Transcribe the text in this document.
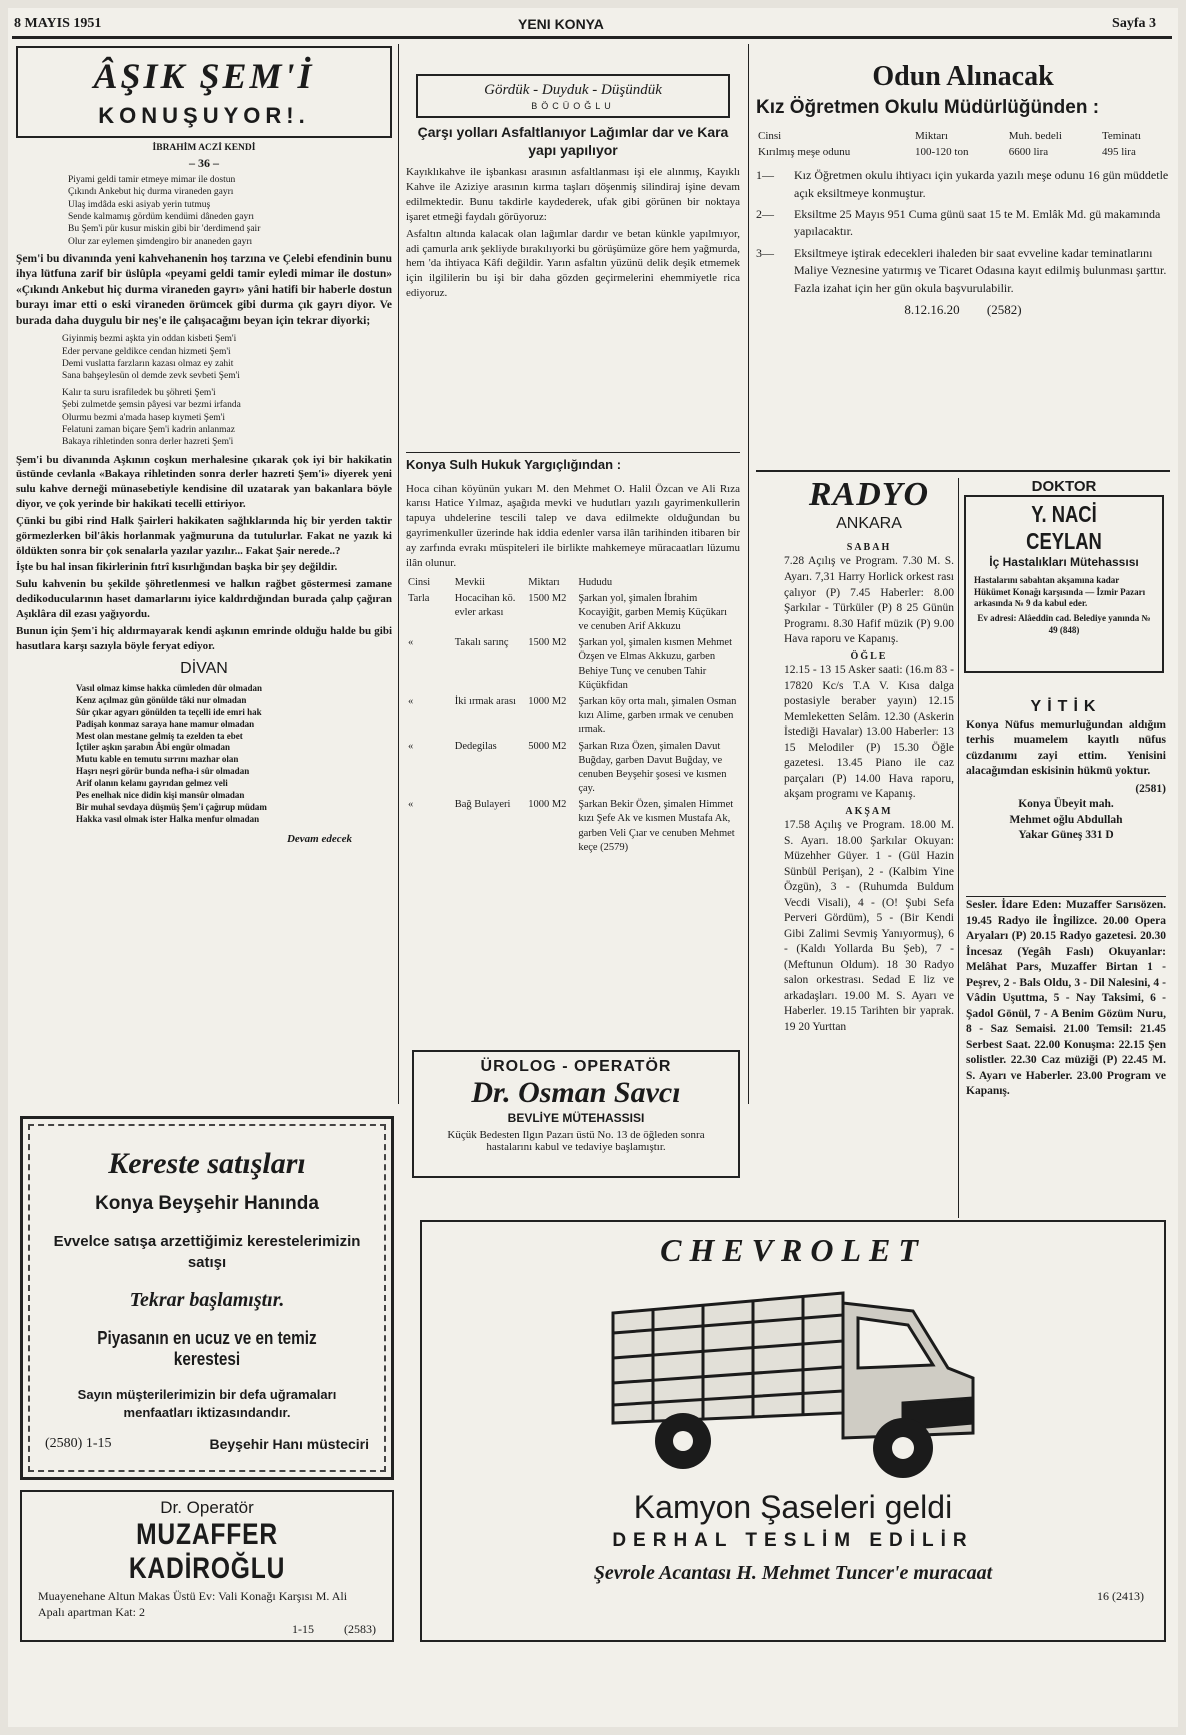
8 MAYIS 1951	YENI KONYA	Sayfa 3
ÂŞIK ŞEM'İ
KONUŞUYOR!.
İBRAHİM ACZİ KENDİ
– 36 –
Piyami geldi tamir etmeye mimar ile dostun
Çıkındı Ankebut hiç durma viraneden gayrı
Ulaş imdâda eski asiyab yerin tutmuş
Sende kalmamış gördüm kendümi dâneden gayrı
Bu Şem'i pür kusur miskin gibi bir 'derdimend şair
Olur zar eylemen şimdengiro bir ananeden gayrı

Şem'i bu divanında yeni kahvehanenin hoş tarzına ve Çelebi efendinin bunu ihya lütfuna zarif bir üslûpla «peyami geldi tamir eyledi mimar ile dostun» «Çıkındı Ankebut hiç durma viraneden gayrı» yâni hatifi bir haberle dostun burayı imar etti o eski viraneden örümcek gibi durma çık gayrı diyor. Ve burada daha duygulu bir neş'e ile çalışacağını beyan için tekrar diyorki;

Giyinmiş bezmi aşkta yin oddan kisbeti Şem'i
Eder pervane geldikce cendan hizmeti Şem'i
Demi vuslatta farzların kazası olmaz ey zahit
Sana bahşeylesün ol demde zevk sevbeti Şem'i
Kalır ta suru israfiledek bu şöhreti Şem'i
Şebi zulmetde şemsin pâyesi var bezmi irfanda
Olurmu bezmi a'mada hasep kıymeti Şem'i
Felatuni zaman biçare Şem'i kadrin anlanmaz
Bakaya rihletinden sonra derler hazreti Şem'i

Şem'i bu divanında Aşkının coşkun merhalesine çıkarak çok iyi bir hakikatin üstünde cevlanla «Bakaya rihletinden sonra derler hazreti Şem'i» diyerek yeni sulu kahve derneği münasebetiyle kendisine dil uzatarak yan bakanlara böyle diyor, ve çok yerinde bir hakikati tecelli ettiriyor.

Çünki bu gibi rind Halk Şairleri hakikaten sağlıklarında hiç bir yerden taktir görmezlerken bil'âkis horlanmak yağmuruna da tutulurlar. Fakat ne yazık ki öldükten sonra bir çok senalarla yazılar yazılır... Fakat Şair nerede..?

İşte bu hal insan fikirlerinin fıtrî kısırlığından başka bir şey değildir.

Sulu kahvenin bu şekilde şöhretlenmesi ve halkın rağbet göstermesi zamane dedikoducularının haset damarlarını iyice kaldırdığından burada çalıp çağıran Aşıklâra dil ezası yağıyordu.

Bunun için Şem'i hiç aldırmayarak kendi aşkının emrinde olduğu halde bu gibi hasutlara karşı sazıyla böyle feryat ediyor.

DİVAN
Vasıl olmaz kimse hakka cümleden dûr olmadan
Kenz açılmaz gûn gönülde tâki nur olmadan
Sûr çıkar agyarı gönülden ta teçelli ide emri hak
Padişah konmaz saraya hane mamur olmadan
Mest olan mestane gelmiş ta ezelden ta ebet
İçtiler aşkın şarabın Âbi engür olmadan
Mutu kable en temutu sırrını mazhar olan
Haşrı neşri görür bunda nefha-i sûr olmadan
Arif olanın kelamı gayrıdan gelmez veli
Pes enelhak nice didin kişi mansûr olmadan
Bir muhal sevdaya düşmüş Şem'i çağırup müdam
Hakka vasıl olmak ister Halka menfur olmadan
Devam edecek
Kereste satışları
Konya Beyşehir Hanında
Evvelce satışa arzettiğimiz kerestelerimizin satışı
Tekrar başlamıştır.
Piyasanın en ucuz ve en temiz kerestesi
Sayın müşterilerimizin bir defa uğramaları menfaatları iktizasındandır.
(2580) 1-15	Beyşehir Hanı müsteciri
Dr. Operatör
MUZAFFER KADİROĞLU
Muayenehane Altun Makas Üstü Ev: Vali Konağı Karşısı M. Ali Apalı apartman Kat: 2
1-15	(2583)
Gördük - Duyduk - Düşündük
BÖCÜOĞLU
Çarşı yolları Asfaltlanıyor Lağımlar dar ve Kara yapı yapılıyor

Kayıklıkahve ile işbankası arasının asfaltlanması işi ele alınmış, Kayıklı Kahve ile Aziziye arasının kırma taşları döşenmiş silindiraj işine devam edilmektedir. Bunu takdirle kaydederek, ufak gibi görünen bir noktaya işaret etmeği faydalı görüyoruz:

Asfaltın altında kalacak olan lağımlar dardır ve betan künkle yapılmıyor, adi çamurla arık şekliyde bırakılıyorki bu görüşümüze göre hem yağmurda, hem 'da ihtiyaca Kâfi değildir. Yarın asfaltın yüzünü delik deşik etmemek için ilgililerin bu işi bir daha gözden geçirmelerini ehemmiyetle rica ediyoruz.

Konya Sulh Hukuk Yargıçlığından :

Hoca cihan köyünün yukarı M. den Mehmet O. Halil Özcan ve Ali Rıza karısı Hatice Yılmaz, aşağıda mevki ve hudutları yazılı gayrimenkullerin tapuya uhdelerine tescili talep ve dava edilmekte olduğundan bu gayrimenkuller üzerinde hak iddia edenler varsa ilân tarihinden itibaren bir ay zarfında evrakı müspiteleri ile birlikte mahkemeye müracaatları lüzumu ilân olunur.

Cinsi	Mevkii	Miktarı	Hududu
Tarla	Hocacihan kö. evler arkası	1500 M2	Şarkan yol, şimalen İbrahim Kocayiğit, garben Memiş Küçükarı ve cenuben Arif Akkuzu
«	Takalı sarınç	1500 M2	Şarkan yol, şimalen kısmen Mehmet Özşen ve Elmas Akkuzu, garben Behiye Tunç ve cenuben Tahir Küçükfidan
«	İki ırmak arası	1000 M2	Şarkan köy orta malı, şimalen Osman kızı Alime, garben ırmak ve cenuben ırmak.
«	Dedegilas	5000 M2	Şarkan Rıza Özen, şimalen Davut Buğday, garben Davut Buğday, ve cenuben Beyşehir şosesi ve kısmen çay.
«	Bağ Bulayeri	1000 M2	Şarkan Bekir Özen, şimalen Himmet kızı Şefe Ak ve kısmen Mustafa Ak, garben Veli Çıar ve cenuben Mehmet keçe (2579)
ÜROLOG - OPERATÖR
Dr. Osman Savcı
BEVLİYE MÜTEHASSISI
Küçük Bedesten Ilgın Pazarı üstü No. 13 de öğleden sonra hastalarını kabul ve tedaviye başlamıştır.
Odun Alınacak
Kız Öğretmen Okulu Müdürlüğünden :
Cinsi	Miktarı	Muh. bedeli	Teminatı
Kırılmış meşe odunu	100-120 ton	6600 lira	495 lira
1—	Kız Öğretmen okulu ihtiyacı için yukarda yazılı meşe odunu 16 gün müddetle açık eksiltmeye konmuştur.
2—	Eksiltme 25 Mayıs 951 Cuma günü saat 15 te M. Emlâk Md. gü makamında yapılacaktır.
3—	Eksiltmeye iştirak edecekleri ihaleden bir saat evveline kadar teminatlarını Maliye Veznesine yatırmış ve Ticaret Odasına kayıt edilmiş bulunması şarttır. Fazla izahat için her gün okula başvurulabilir.
8.12.16.20 (2582)
RADYO
ANKARA
SABAH

7.28 Açılış ve Program. 7.30 M. S. Ayarı. 7,31 Harry Horlick orkest rası çalıyor (P) 7.45 Haberler: 8.00 Şarkılar - Türküler (P) 8 25 Günün Programı. 8.30 Hafif müzik (P) 9.00 Hava raporu ve Kapanış.

ÖĞLE

12.15 - 13 15 Asker saati: (16.m 83 - 17820 Kc/s T.A V. Kısa dalga postasiyle beraber yayın) 12.15 Memleketten Selâm. 12.30 (Askerin İstediği Havalar) 13.00 Haberler: 13 15 Melodiler (P) 15.30 Öğle gazetesi. 13.45 Piano ile caz parçaları (P) 14.00 Hava raporu, akşam programı ve Kapanış.

AKŞAM

17.58 Açılış ve Program. 18.00 M. S. Ayarı. 18.00 Şarkılar Okuyan: Müzehher Güyer. 1 - (Gül Hazin Sünbül Perişan), 2 - (Kalbim Yine Özgün), 3 - (Ruhumda Buldum Vecdi Visali), 4 - (O! Şubi Sefa Perveri Gördüm), 5 - (Bir Kendi Gibi Zalimi Sevmiş Yanıyormuş), 6 - (Kaldı Yollarda Bu Şeb), 7 - (Meftunun Oldum). 18 30 Radyo salon orkestrası. Sedad E liz ve arkadaşları. 19.00 M. S. Ayarı ve Haberler. 19.15 Tarihten bir yaprak. 19 20 Yurttan

DOKTOR
Y. NACİ CEYLAN
İç Hastalıkları Mütehassısı
Hastalarını sabahtan akşamına kadar Hükümet Konağı karşısında — İzmir Pazarı arkasında № 9 da kabul eder.
Ev adresi: Alâeddin cad. Belediye yanında № 49 (848)
YİTİK

Konya Nüfus memurluğundan aldığım terhis muamelem kayıtlı nüfus cüzdanımı zayi ettim. Yenisini alacağımdan eskisinin hükmü yoktur.

(2581)
Konya Übeyit mah.
Mehmet oğlu Abdullah
Yakar Güneş 331 D

Sesler. İdare Eden: Muzaffer Sarısözen. 19.45 Radyo ile İngilizce. 20.00 Opera Aryaları (P) 20.15 Radyo gazetesi. 20.30 İncesaz (Yegâh Faslı) Okuyanlar: Melâhat Pars, Muzaffer Birtan 1 - Peşrev, 2 - Bals Oldu, 3 - Dil Nalesini, 4 - Vâdin Uşuttma, 5 - Nay Taksimi, 6 - Şadol Gönül, 7 - A Benim Gözüm Nuru, 8 - Saz Semaisi. 21.00 Temsil: 21.45 Serbest Saat. 22.00 Konuşma: 22.15 Şen solistler. 22.30 Caz müziği (P) 22.45 M. S. Ayarı ve Haberler. 23.00 Program ve Kapanış.

CHEVROLET
Kamyon Şaseleri geldi
DERHAL TESLİM EDİLİR
Şevrole Acantası H. Mehmet Tuncer'e muracaat
16 (2413)
